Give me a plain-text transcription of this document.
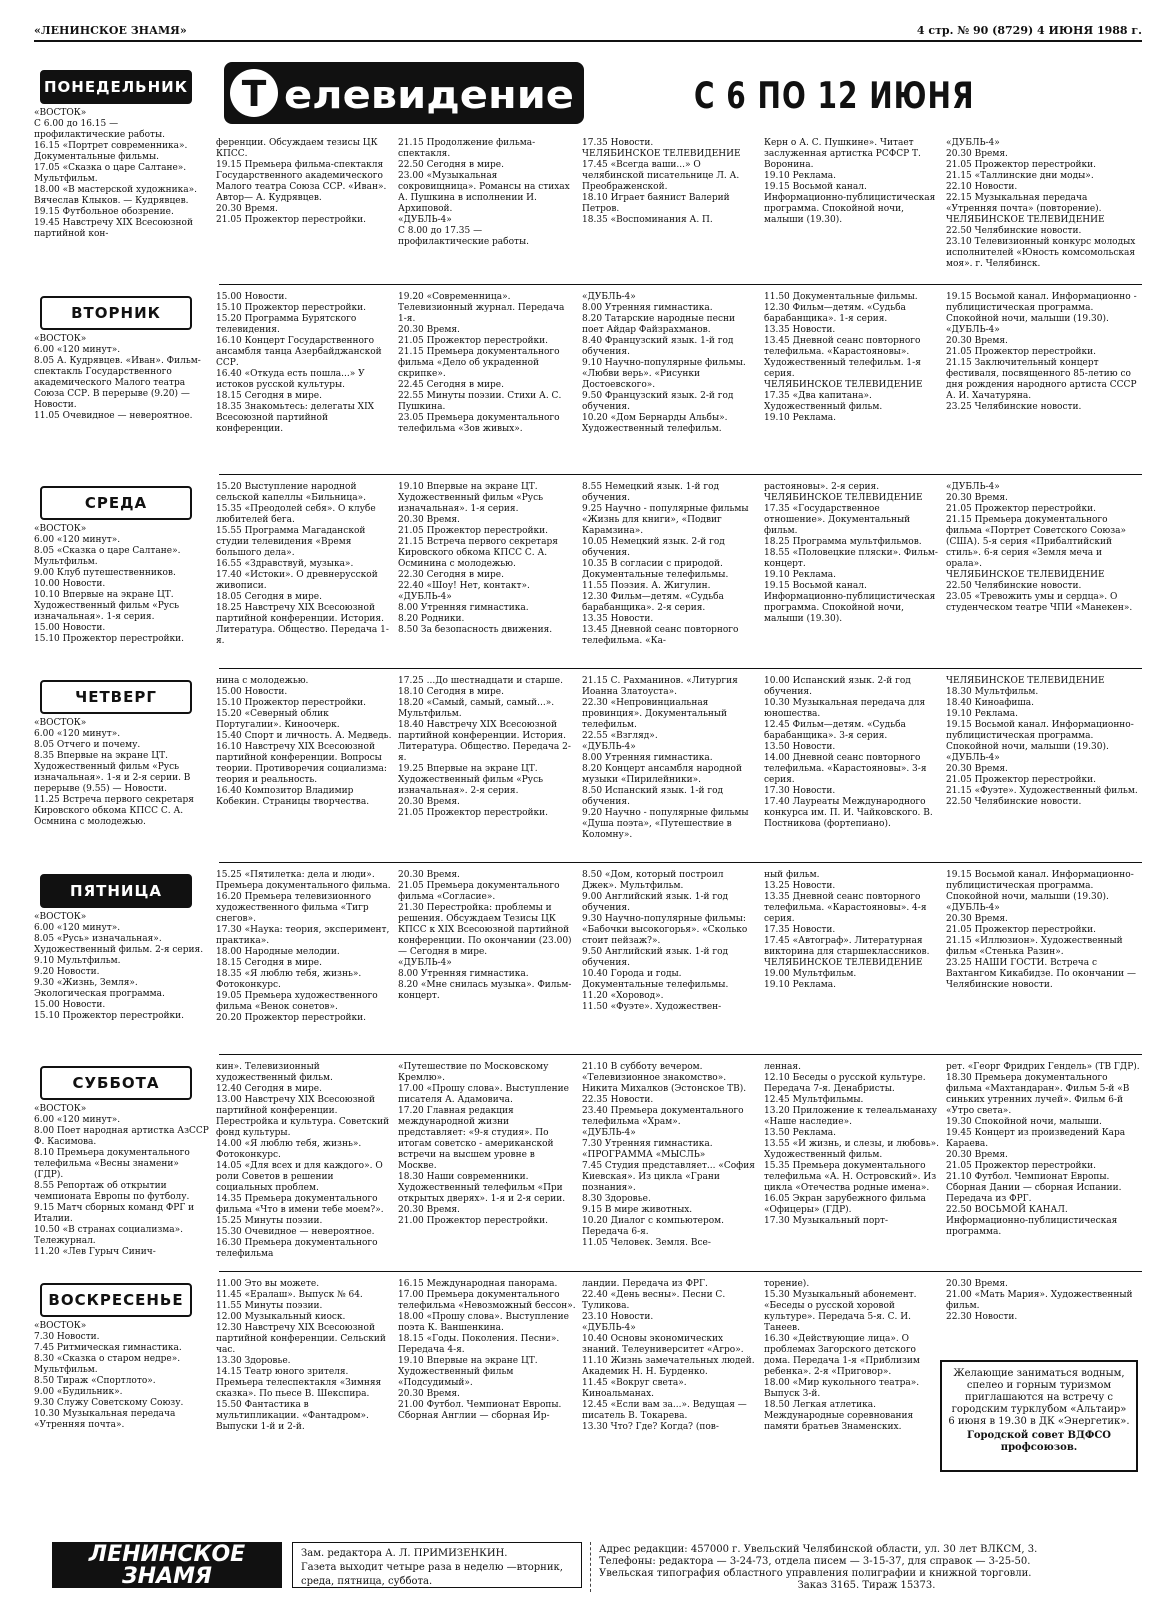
«ЛЕНИНСКОЕ ЗНАМЯ»	4 стр. № 90 (8729) 4 ИЮНЯ 1988 г.
Т елевидение	С 6 ПО 12 ИЮНЯ
ПОНЕДЕЛЬНИК
«ВОСТОК»
С 6.00 до 16.15 — профилактические работы.
16.15 «Портрет современника». Документальные фильмы.
17.05 «Сказка о царе Салтане». Мультфильм.
18.00 «В мастерской художника». Вячеслав Клыков. — Кудрявцев.
19.15 Футбольное обозрение.
19.45 Навстречу XIX Всесоюзной партийной кон-
ференции. Обсуждаем тезисы ЦК КПСС.
19.15 Премьера фильма-спектакля Государственного академического Малого театра Союза ССР. «Иван». Автор— А. Кудрявцев.
20.30 Время.
21.05 Прожектор перестройки.
21.15 Продолжение фильма-спектакля.
22.50 Сегодня в мире.
23.00 «Музыкальная сокровищница». Романсы на стихах А. Пушкина в исполнении И. Архиповой.
«ДУБЛЬ-4»
С 8.00 до 17.35 — профилактические работы.
17.35 Новости.
ЧЕЛЯБИНСКОЕ ТЕЛЕВИДЕНИЕ
17.45 «Всегда ваши...» О челябинской писательнице Л. А. Преображенской.
18.10 Играет баянист Валерий Петров.
18.35 «Воспоминания А. П.
Керн о А. С. Пушкине». Читает заслуженная артистка РСФСР Т. Воронина.
19.10 Реклама.
19.15 Восьмой канал. Информационно-публицистическая программа. Спокойной ночи, малыши (19.30).
«ДУБЛЬ-4»
20.30 Время.
21.05 Прожектор перестройки.
21.15 «Таллинские дни моды».
22.10 Новости.
22.15 Музыкальная передача «Утренняя почта» (повторение).
ЧЕЛЯБИНСКОЕ ТЕЛЕВИДЕНИЕ
22.50 Челябинские новости.
23.10 Телевизионный конкурс молодых исполнителей «Юность комсомольская моя». г. Челябинск.
ВТОРНИК
«ВОСТОК»
6.00 «120 минут».
8.05 А. Кудрявцев. «Иван». Фильм-спектакль Государственного академического Малого театра Союза ССР. В перерыве (9.20) — Новости.
11.05 Очевидное — невероятное.
15.00 Новости.
15.10 Прожектор перестройки.
15.20 Программа Бурятского телевидения.
16.10 Концерт Государственного ансамбля танца Азербайджанской ССР.
16.40 «Откуда есть пошла...» У истоков русской культуры.
18.15 Сегодня в мире.
18.35 Знакомьтесь: делегаты XIX Всесоюзной партийной конференции.
19.20 «Современница». Телевизионный журнал. Передача 1-я.
20.30 Время.
21.05 Прожектор перестройки.
21.15 Премьера документального фильма «Дело об украденной скрипке».
22.45 Сегодня в мире.
22.55 Минуты поэзии. Стихи А. С. Пушкина.
23.05 Премьера документального телефильма «Зов живых».
«ДУБЛЬ-4»
8.00 Утренняя гимнастика.
8.20 Татарские народные песни поет Айдар Файзрахманов.
8.40 Французский язык. 1-й год обучения.
9.10 Научно-популярные фильмы. «Любви верь». «Рисунки Достоевского».
9.50 Французский язык. 2-й год обучения.
10.20 «Дом Бернарды Альбы». Художественный телефильм.
11.50 Документальные фильмы.
12.30 Фильм—детям. «Судьба барабанщика». 1-я серия.
13.35 Новости.
13.45 Дневной сеанс повторного телефильма. «Карастояновы». Художественный телефильм. 1-я серия.
ЧЕЛЯБИНСКОЕ ТЕЛЕВИДЕНИЕ
17.35 «Два капитана». Художественный фильм.
19.10 Реклама.
19.15 Восьмой канал. Информационно - публицистическая программа. Спокойной ночи, малыши (19.30).
«ДУБЛЬ-4»
20.30 Время.
21.05 Прожектор перестройки.
21.15 Заключительный концерт фестиваля, посвященного 85-летию со дня рождения народного артиста СССР А. И. Хачатуряна.
23.25 Челябинские новости.
СРЕДА
«ВОСТОК»
6.00 «120 минут».
8.05 «Сказка о царе Салтане». Мультфильм.
9.00 Клуб путешественников.
10.00 Новости.
10.10 Впервые на экране ЦТ. Художественный фильм «Русь изначальная». 1-я серия.
15.00 Новости.
15.10 Прожектор перестройки.
15.20 Выступление народной сельской капеллы «Бильница».
15.35 «Преодолей себя». О клубе любителей бега.
15.55 Программа Магаданской студии телевидения «Время большого дела».
16.55 «Здравствуй, музыка».
17.40 «Истоки». О древнерусской живописи.
18.05 Сегодня в мире.
18.25 Навстречу XIX Всесоюзной партийной конференции. История. Литература. Общество. Передача 1-я.
19.10 Впервые на экране ЦТ. Художественный фильм «Русь изначальная». 1-я серия.
20.30 Время.
21.05 Прожектор перестройки.
21.15 Встреча первого секретаря Кировского обкома КПСС С. А. Осминина с молодежью.
22.30 Сегодня в мире.
22.40 «Шоу! Нет, контакт».
«ДУБЛЬ-4»
8.00 Утренняя гимнастика.
8.20 Родники.
8.50 За безопасность движения.
8.55 Немецкий язык. 1-й год обучения.
9.25 Научно - популярные фильмы «Жизнь для книги», «Подвиг Карамзина».
10.05 Немецкий язык. 2-й год обучения.
10.35 В согласии с природой. Документальные телефильмы.
11.55 Поэзия. А. Жигулин.
12.30 Фильм—детям. «Судьба барабанщика». 2-я серия.
13.35 Новости.
13.45 Дневной сеанс повторного телефильма. «Ка-
растояновы». 2-я серия.
ЧЕЛЯБИНСКОЕ ТЕЛЕВИДЕНИЕ
17.35 «Государственное отношение». Документальный фильм.
18.25 Программа мультфильмов.
18.55 «Половецкие пляски». Фильм-концерт.
19.10 Реклама.
19.15 Восьмой канал. Информационно-публицистическая программа. Спокойной ночи, малыши (19.30).
«ДУБЛЬ-4»
20.30 Время.
21.05 Прожектор перестройки.
21.15 Премьера документального фильма «Портрет Советского Союза» (США). 5-я серия «Прибалтийский стиль». 6-я серия «Земля меча и орала».
ЧЕЛЯБИНСКОЕ ТЕЛЕВИДЕНИЕ
22.50 Челябинские новости.
23.05 «Тревожить умы и сердца». О студенческом театре ЧПИ «Манекен».
ЧЕТВЕРГ
«ВОСТОК»
6.00 «120 минут».
8.05 Отчего и почему.
8.35 Впервые на экране ЦТ. Художественный фильм «Русь изначальная». 1-я и 2-я серии. В перерыве (9.55) — Новости.
11.25 Встреча первого секретаря Кировского обкома КПСС С. А. Осмнина с молодежью.
нина с молодежью.
15.00 Новости.
15.10 Прожектор перестройки.
15.20 «Северный облик Португалии». Киноочерк.
15.40 Спорт и личность. А. Медведь.
16.10 Навстречу XIX Всесоюзной партийной конференции. Вопросы теории. Противоречия социализма: теория и реальность.
16.40 Композитор Владимир Кобекин. Страницы творчества.
17.25 ...До шестнадцати и старше.
18.10 Сегодня в мире.
18.20 «Самый, самый, самый...». Мультфильм.
18.40 Навстречу XIX Всесоюзной партийной конференции. История. Литература. Общество. Передача 2-я.
19.25 Впервые на экране ЦТ. Художественный фильм «Русь изначальная». 2-я серия.
20.30 Время.
21.05 Прожектор перестройки.
21.15 С. Рахманинов. «Литургия Иоанна Златоуста».
22.30 «Непровинциальная провинция». Документальный телефильм.
22.55 «Взгляд».
«ДУБЛЬ-4»
8.00 Утренняя гимнастика.
8.20 Концерт ансамбля народной музыки «Пирилейники».
8.50 Испанский язык. 1-й год обучения.
9.20 Научно - популярные фильмы «Душа поэта», «Путешествие в Коломну».
10.00 Испанский язык. 2-й год обучения.
10.30 Музыкальная передача для юношества.
12.45 Фильм—детям. «Судьба барабанщика». 3-я серия.
13.50 Новости.
14.00 Дневной сеанс повторного телефильма. «Карастояновы». 3-я серия.
17.30 Новости.
17.40 Лауреаты Международного конкурса им. П. И. Чайковского. В. Постникова (фортепиано).
ЧЕЛЯБИНСКОЕ ТЕЛЕВИДЕНИЕ
18.30 Мультфильм.
18.40 Киноафиша.
19.10 Реклама.
19.15 Восьмой канал. Информационно-публицистическая программа. Спокойной ночи, малыши (19.30).
«ДУБЛЬ-4»
20.30 Время.
21.05 Прожектор перестройки.
21.15 «Фуэте». Художественный фильм.
22.50 Челябинские новости.
ПЯТНИЦА
«ВОСТОК»
6.00 «120 минут».
8.05 «Русь» изначальная». Художественный фильм. 2-я серия.
9.10 Мультфильм.
9.20 Новости.
9.30 «Жизнь, Земля». Экологическая программа.
15.00 Новости.
15.10 Прожектор перестройки.
15.25 «Пятилетка: дела и люди». Премьера документального фильма.
16.20 Премьера телевизионного художественного фильма «Тигр снегов».
17.30 «Наука: теория, эксперимент, практика».
18.00 Народные мелодии.
18.15 Сегодня в мире.
18.35 «Я люблю тебя, жизнь». Фотоконкурс.
19.05 Премьера художественного фильма «Венок сонетов».
20.20 Прожектор перестройки.
20.30 Время.
21.05 Премьера документального фильма «Согласие».
21.30 Перестройка: проблемы и решения. Обсуждаем Тезисы ЦК КПСС к XIX Всесоюзной партийной конференции. По окончании (23.00) — Сегодня в мире.
«ДУБЛЬ-4»
8.00 Утренняя гимнастика.
8.20 «Мне снилась музыка». Фильм-концерт.
8.50 «Дом, который построил Джек». Мультфильм.
9.00 Английский язык. 1-й год обучения.
9.30 Научно-популярные фильмы: «Бабочки высокогорья». «Сколько стоит пейзаж?».
9.50 Английский язык. 1-й год обучения.
10.40 Города и годы. Документальные телефильмы.
11.20 «Хоровод».
11.50 «Фуэте». Художествен-
ный фильм.
13.25 Новости.
13.35 Дневной сеанс повторного телефильма. «Карастояновы». 4-я серия.
17.35 Новости.
17.45 «Автограф». Литературная викторина для старшеклассников.
ЧЕЛЯБИНСКОЕ ТЕЛЕВИДЕНИЕ
19.00 Мультфильм.
19.10 Реклама.
19.15 Восьмой канал. Информационно-публицистическая программа. Спокойной ночи, малыши (19.30).
«ДУБЛЬ-4»
20.30 Время.
21.05 Прожектор перестройки.
21.15 «Иллюзион». Художественный фильм «Стенька Разин».
23.25 НАШИ ГОСТИ. Встреча с Вахтангом Кикабидзе. По окончании — Челябинские новости.
СУББОТА
«ВОСТОК»
6.00 «120 минут».
8.00 Поет народная артистка АзССР Ф. Касимова.
8.10 Премьера документального телефильма «Весны знамени» (ГДР).
8.55 Репортаж об открытии чемпионата Европы по футболу.
9.15 Матч сборных команд ФРГ и Италии.
10.50 «В странах социализма». Тележурнал.
11.20 «Лев Гурыч Синич-
кин». Телевизионный художественный фильм.
12.40 Сегодня в мире.
13.00 Навстречу XIX Всесоюзной партийной конференции. Перестройка и культура. Советский фонд культуры.
14.00 «Я люблю тебя, жизнь». Фотоконкурс.
14.05 «Для всех и для каждого». О роли Советов в решении социальных проблем.
14.35 Премьера документального фильма «Что в имени тебе моем?».
15.25 Минуты поэзии.
15.30 Очевидное — невероятное.
16.30 Премьера документального телефильма
«Путешествие по Московскому Кремлю».
17.00 «Прошу слова». Выступление писателя А. Адамовича.
17.20 Главная редакция международной жизни представляет: «9-я студия». По итогам советско - американской встречи на высшем уровне в Москве.
18.30 Наши современники. Художественный телефильм «При открытых дверях». 1-я и 2-я серии.
20.30 Время.
21.00 Прожектор перестройки.
21.10 В субботу вечером. «Телевизионное знакомство». Никита Михалков (Эстонское ТВ).
22.35 Новости.
23.40 Премьера документального телефильма «Храм».
«ДУБЛЬ-4»
7.30 Утренняя гимнастика.
«ПРОГРАММА «МЫСЛЬ»
7.45 Студия представляет... «София Киевская». Из цикла «Грани познания».
8.30 Здоровье.
9.15 В мире животных.
10.20 Диалог с компьютером. Передача 6-я.
11.05 Человек. Земля. Все-
ленная.
12.10 Беседы о русской культуре. Передача 7-я. Денабристы.
12.45 Мультфильмы.
13.20 Приложение к телеальманаху «Наше наследие».
13.50 Реклама.
13.55 «И жизнь, и слезы, и любовь». Художественный фильм.
15.35 Премьера документального телефильма «А. Н. Островский». Из цикла «Отечества родные имена».
16.05 Экран зарубежного фильма «Офицеры» (ГДР).
17.30 Музыкальный порт-
рет. «Георг Фридрих Гендель» (ТВ ГДР).
18.30 Премьера документального фильма «Махтандаран». Фильм 5-й «В синьких утренних лучей». Фильм 6-й «Утро света».
19.30 Спокойной ночи, малыши.
19.45 Концерт из произведений Кара Караева.
20.30 Время.
21.05 Прожектор перестройки.
21.10 Футбол. Чемпионат Европы. Сборная Дании — сборная Испании. Передача из ФРГ.
22.50 ВОСЬМОЙ КАНАЛ. Информационно-публицистическая программа.
ВОСКРЕСЕНЬЕ
«ВОСТОК»
7.30 Новости.
7.45 Ритмическая гимнастика.
8.30 «Сказка о старом недре». Мультфильм.
8.50 Тираж «Спортлото».
9.00 «Будильник».
9.30 Служу Советскому Союзу.
10.30 Музыкальная передача «Утренняя почта».
11.00 Это вы можете.
11.45 «Ералаш». Выпуск № 64.
11.55 Минуты поэзии.
12.00 Музыкальный киоск.
12.30 Навстречу XIX Всесоюзной партийной конференции. Сельский час.
13.30 Здоровье.
14.15 Театр юного зрителя. Премьера телеспектакля «Зимняя сказка». По пьесе В. Шекспира.
15.50 Фантастика в мультипликации. «Фантадром». Выпуски 1-й и 2-й.
16.15 Международная панорама.
17.00 Премьера документального телефильма «Невозможный бессон».
18.00 «Прошу слова». Выступление поэта К. Ваншенкина.
18.15 «Годы. Поколения. Песни». Передача 4-я.
19.10 Впервые на экране ЦТ. Художественный фильм «Подсудимый».
20.30 Время.
21.00 Футбол. Чемпионат Европы. Сборная Англии — сборная Ир-
ландии. Передача из ФРГ.
22.40 «День весны». Песни С. Туликова.
23.10 Новости.
«ДУБЛЬ-4»
10.40 Основы экономических знаний. Телеуниверситет «Агро».
11.10 Жизнь замечательных людей. Академик Н. Н. Бурденко.
11.45 «Вокруг света». Киноальманах.
12.45 «Если вам за...». Ведущая — писатель В. Токарева.
13.30 Что? Где? Когда? (пов-
торение).
15.30 Музыкальный абонемент. «Беседы о русской хоровой культуре». Передача 5-я. С. И. Танеев.
16.30 «Действующие лица». О проблемах Загорского детского дома. Передача 1-я «Приблизим ребенка». 2-я «Приговор».
18.00 «Мир кукольного театра». Выпуск 3-й.
18.50 Легкая атлетика. Международные соревнования памяти братьев Знаменских.
20.30 Время.
21.00 «Мать Мария». Художественный фильм.
22.30 Новости.
Желающие заниматься водным, спелео и горным туризмом приглашаются на встречу с городским турклубом «Альтаир» 6 июня в 19.30 в ДК «Энергетик».
Городской совет ВДФСО профсоюзов.
ЛЕНИНСКОЕ
ЗНАМЯ
Зам. редактора А. Л. ПРИМИЗЕНКИН.
Газета выходит четыре раза в неделю —вторник, среда, пятница, суббота.
Адрес редакции: 457000 г. Увельский Челябинской области, ул. 30 лет ВЛКСМ, 3.
Телефоны: редактора — 3-24-73, отдела писем — 3-15-37, для справок — 3-25-50.
Увельская типография областного управления полиграфии и книжной торговли.
Заказ 3165. Тираж 15373.
